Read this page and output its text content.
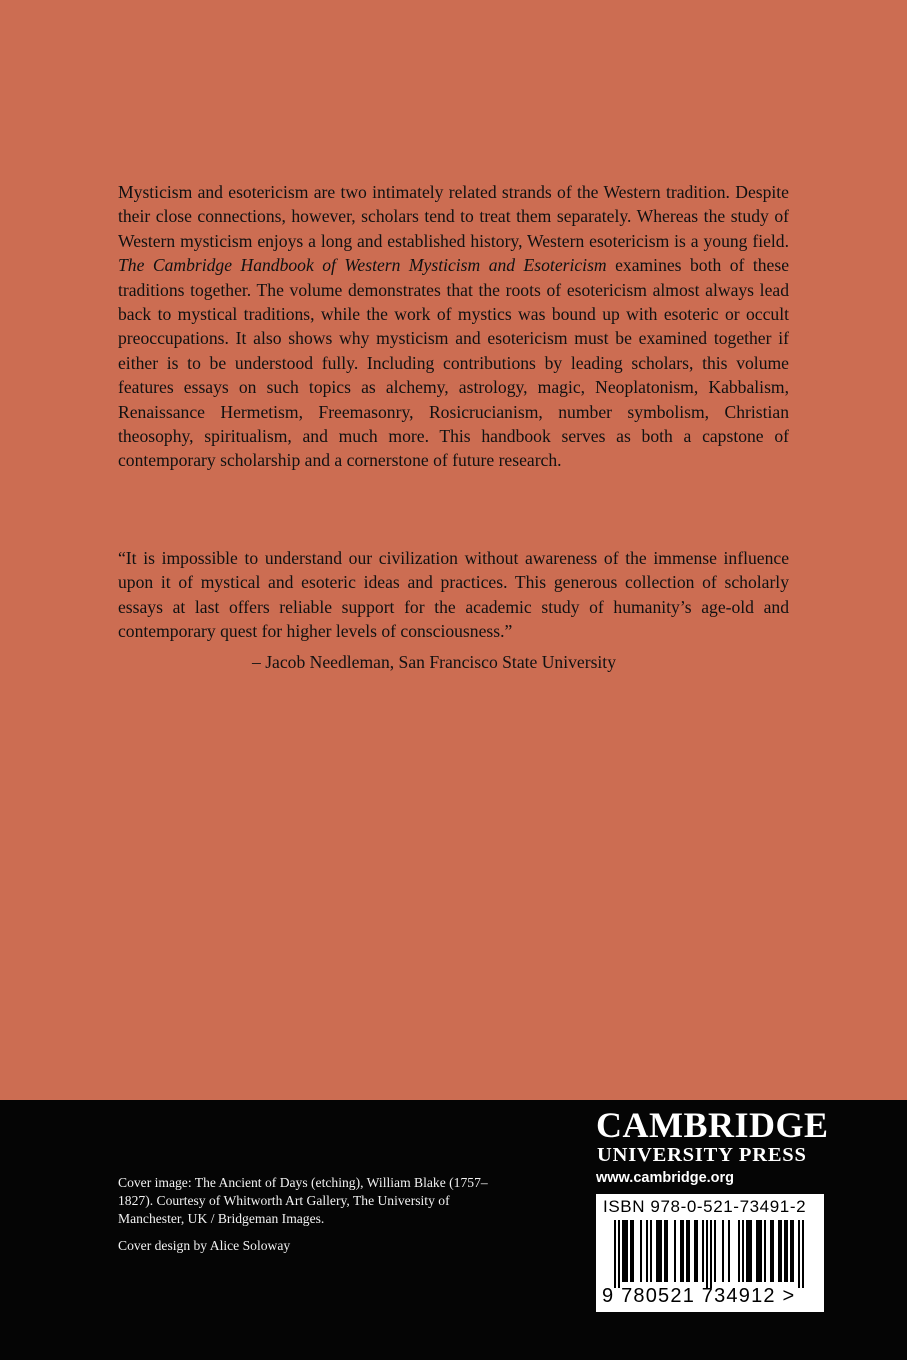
Mysticism and esotericism are two intimately related strands of the Western tradition. Despite their close connections, however, scholars tend to treat them separately. Whereas the study of Western mysticism enjoys a long and established history, Western esotericism is a young field. The Cambridge Handbook of Western Mysticism and Esotericism examines both of these traditions together. The volume demonstrates that the roots of esotericism almost always lead back to mystical traditions, while the work of mystics was bound up with esoteric or occult preoccupations. It also shows why mysticism and esotericism must be examined together if either is to be understood fully. Including contributions by leading scholars, this volume features essays on such topics as alchemy, astrology, magic, Neoplatonism, Kabbalism, Renaissance Hermetism, Freemasonry, Rosicrucianism, number symbolism, Christian theosophy, spiritualism, and much more. This handbook serves as both a capstone of contemporary scholarship and a cornerstone of future research.
“It is impossible to understand our civilization without awareness of the immense influence upon it of mystical and esoteric ideas and practices. This generous collection of scholarly essays at last offers reliable support for the academic study of humanity’s age-old and contemporary quest for higher levels of consciousness.”
– Jacob Needleman, San Francisco State University

Cover image: The Ancient of Days (etching), William Blake (1757–1827). Courtesy of Whitworth Art Gallery, The University of Manchester, UK / Bridgeman Images.

Cover design by Alice Soloway

CAMBRIDGE
UNIVERSITY PRESS
www.cambridge.org
ISBN 978-0-521-73491-2
9 780521 734912 >
